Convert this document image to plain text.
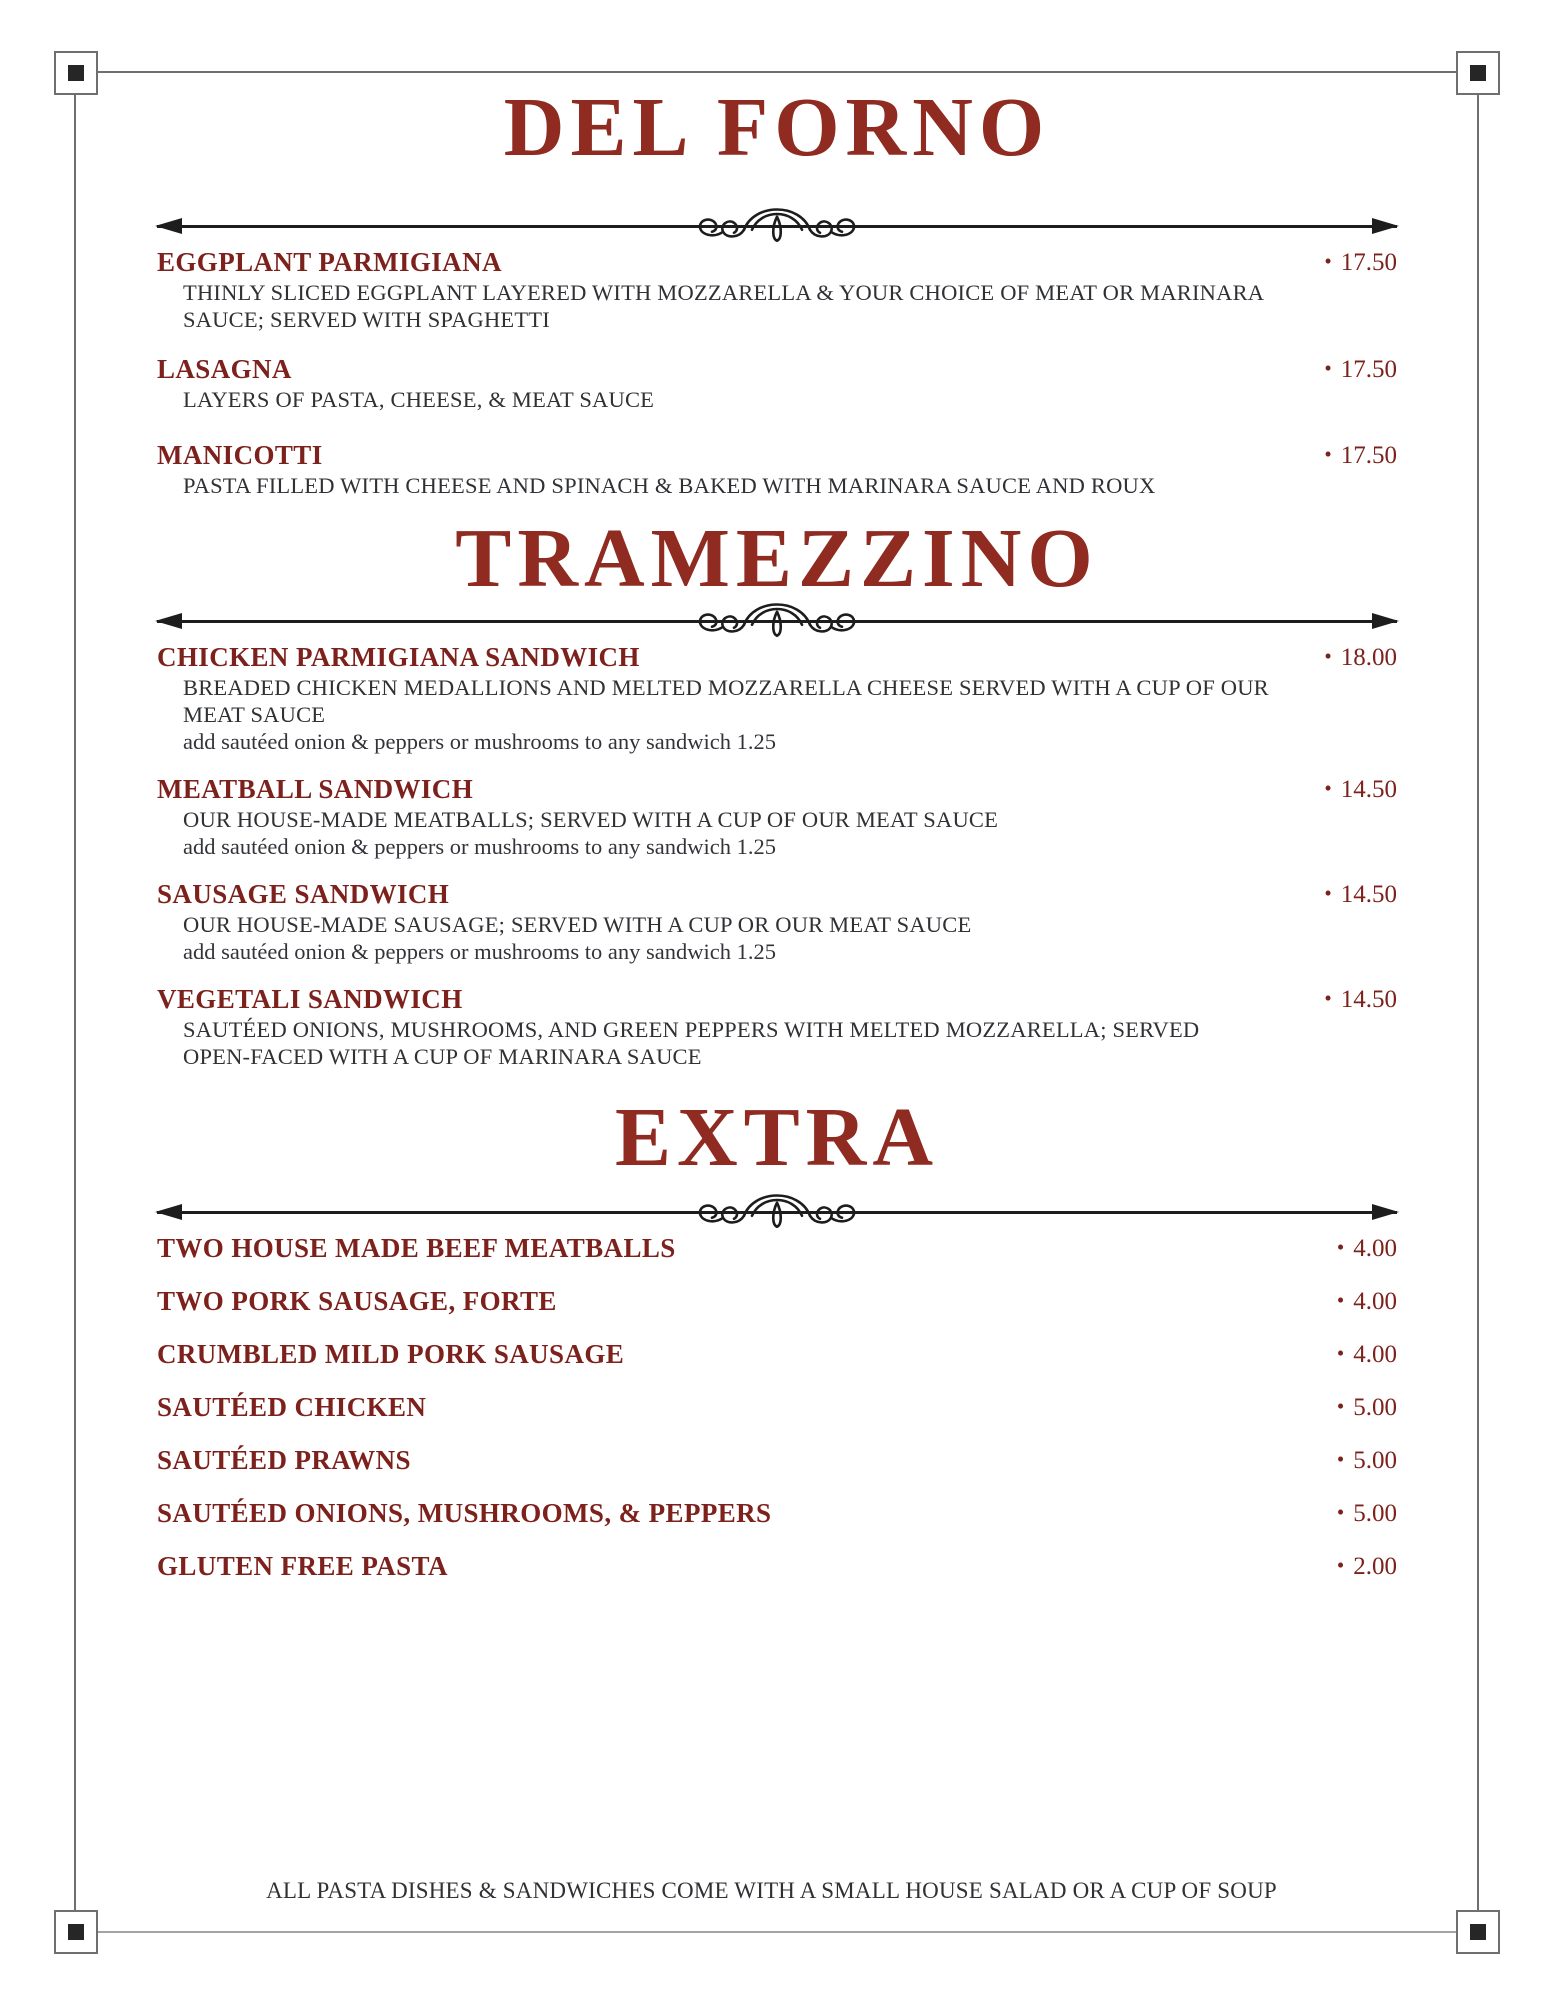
DEL FORNO
EGGPLANT PARMIGIANA	• 17.50
THINLY SLICED EGGPLANT LAYERED WITH MOZZARELLA & YOUR CHOICE OF MEAT OR MARINARA
SAUCE; SERVED WITH SPAGHETTI
LASAGNA	• 17.50
LAYERS OF PASTA, CHEESE, & MEAT SAUCE
MANICOTTI	• 17.50
PASTA FILLED WITH CHEESE AND SPINACH & BAKED WITH MARINARA SAUCE AND ROUX
TRAMEZZINO
CHICKEN PARMIGIANA SANDWICH	• 18.00
BREADED CHICKEN MEDALLIONS AND MELTED MOZZARELLA CHEESE SERVED WITH A CUP OF OUR
MEAT SAUCE
add sautéed onion & peppers or mushrooms to any sandwich 1.25
MEATBALL SANDWICH	• 14.50
OUR HOUSE-MADE MEATBALLS; SERVED WITH A CUP OF OUR MEAT SAUCE
add sautéed onion & peppers or mushrooms to any sandwich 1.25
SAUSAGE SANDWICH	• 14.50
OUR HOUSE-MADE SAUSAGE; SERVED WITH A CUP OR OUR MEAT SAUCE
add sautéed onion & peppers or mushrooms to any sandwich 1.25
VEGETALI SANDWICH	• 14.50
SAUTÉED ONIONS, MUSHROOMS, AND GREEN PEPPERS WITH MELTED MOZZARELLA; SERVED
OPEN-FACED WITH A CUP OF MARINARA SAUCE
EXTRA
TWO HOUSE MADE BEEF MEATBALLS	• 4.00
TWO PORK SAUSAGE, FORTE	• 4.00
CRUMBLED MILD PORK SAUSAGE	• 4.00
SAUTÉED CHICKEN	• 5.00
SAUTÉED PRAWNS	• 5.00
SAUTÉED ONIONS, MUSHROOMS, & PEPPERS	• 5.00
GLUTEN FREE PASTA	• 2.00
ALL PASTA DISHES & SANDWICHES COME WITH A SMALL HOUSE SALAD OR A CUP OF SOUP
